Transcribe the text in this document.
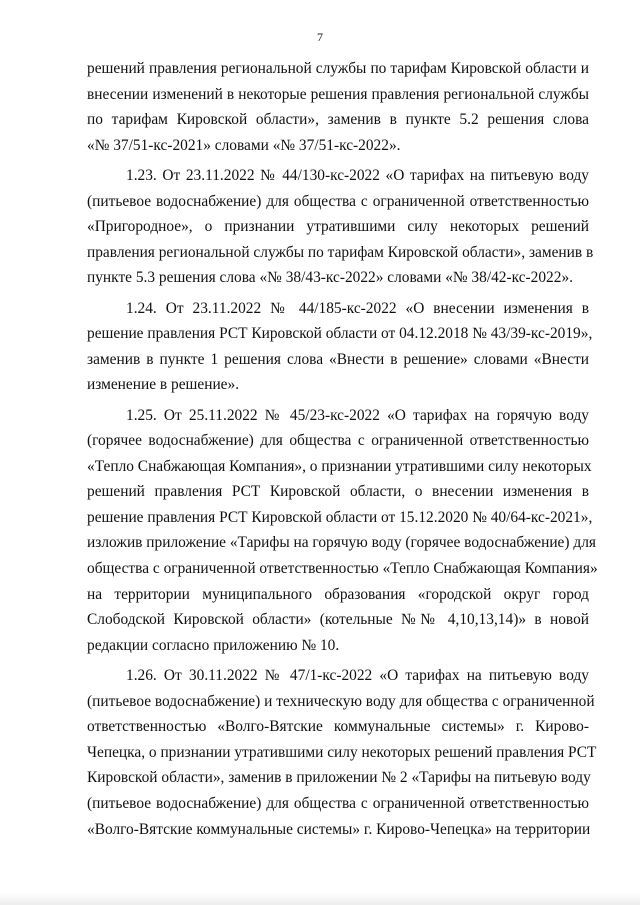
7

решений правления региональной службы по тарифам Кировской области и
внесении изменений в некоторые решения правления региональной службы
по тарифам Кировской области», заменив в пункте 5.2 решения слова
«№ 37/51-кс-2021» словами «№ 37/51-кс-2022».

1.23. От 23.11.2022 № 44/130-кс-2022 «О тарифах на питьевую воду
(питьевое водоснабжение) для общества с ограниченной ответственностью
«Пригородное», о признании утратившими силу некоторых решений
правления региональной службы по тарифам Кировской области», заменив в
пункте 5.3 решения слова «№ 38/43-кс-2022» словами «№ 38/42-кс-2022».

1.24. От 23.11.2022 № 44/185-кс-2022 «О внесении изменения в
решение правления РСТ Кировской области от 04.12.2018 № 43/39-кс-2019»,
заменив в пункте 1 решения слова «Внести в решение» словами «Внести
изменение в решение».

1.25. От 25.11.2022 № 45/23-кс-2022 «О тарифах на горячую воду
(горячее водоснабжение) для общества с ограниченной ответственностью
«Тепло Снабжающая Компания», о признании утратившими силу некоторых
решений правления РСТ Кировской области, о внесении изменения в
решение правления РСТ Кировской области от 15.12.2020 № 40/64-кс-2021»,
изложив приложение «Тарифы на горячую воду (горячее водоснабжение) для
общества с ограниченной ответственностью «Тепло Снабжающая Компания»
на территории муниципального образования «городской округ город
Слободской Кировской области» (котельные №№ 4,10,13,14)» в новой
редакции согласно приложению № 10.

1.26. От 30.11.2022 № 47/1-кс-2022 «О тарифах на питьевую воду
(питьевое водоснабжение) и техническую воду для общества с ограниченной
ответственностью «Волго-Вятские коммунальные системы» г. Кирово-
Чепецка, о признании утратившими силу некоторых решений правления РСТ
Кировской области», заменив в приложении № 2 «Тарифы на питьевую воду
(питьевое водоснабжение) для общества с ограниченной ответственностью
«Волго-Вятские коммунальные системы» г. Кирово-Чепецка» на территории
